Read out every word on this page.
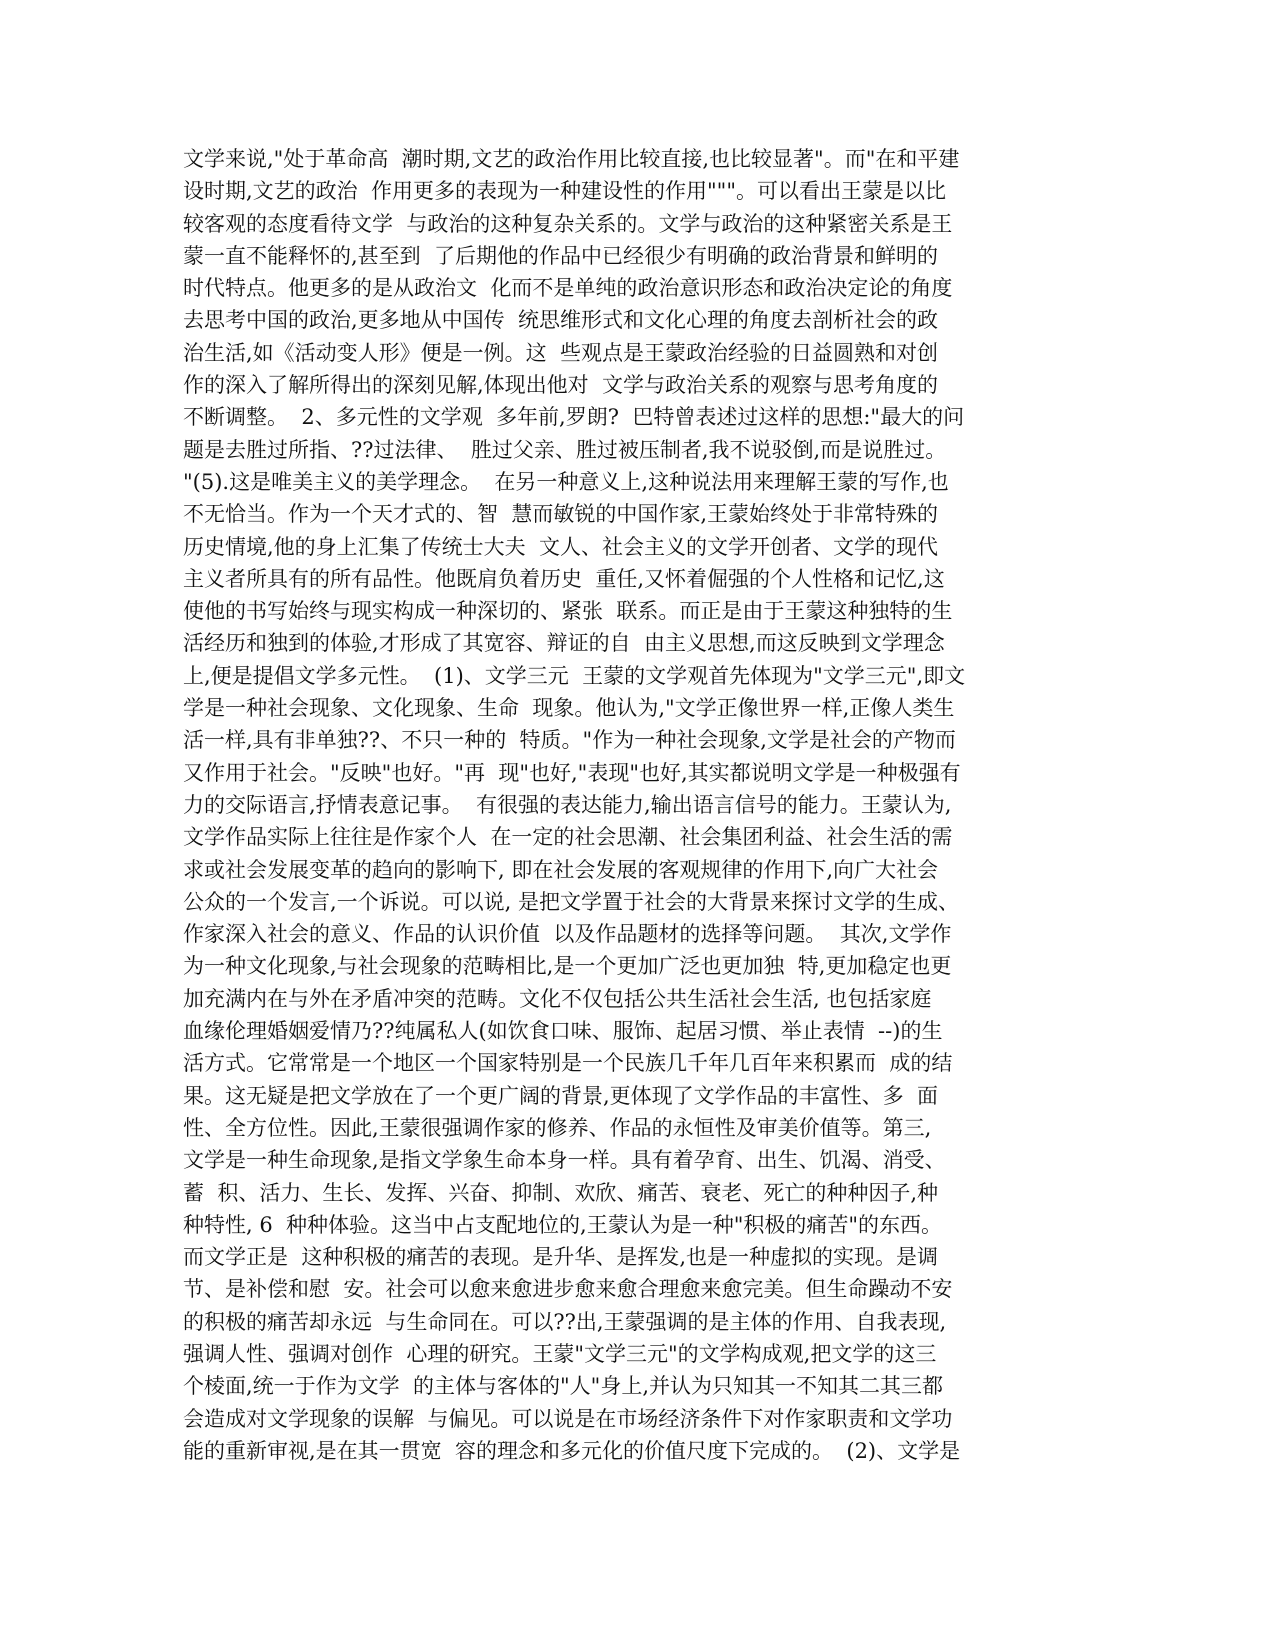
文学来说,"处于革命高  潮时期,文艺的政治作用比较直接,也比较显著"。而"在和平建
设时期,文艺的政治  作用更多的表现为一种建设性的作用"""。可以看出王蒙是以比
较客观的态度看待文学  与政治的这种复杂关系的。文学与政治的这种紧密关系是王
蒙一直不能释怀的,甚至到  了后期他的作品中已经很少有明确的政治背景和鲜明的
时代特点。他更多的是从政治文  化而不是单纯的政治意识形态和政治决定论的角度
去思考中国的政治,更多地从中国传  统思维形式和文化心理的角度去剖析社会的政
治生活,如《活动变人形》便是一例。这  些观点是王蒙政治经验的日益圆熟和对创
作的深入了解所得出的深刻见解,体现出他对  文学与政治关系的观察与思考角度的
不断调整。  2、多元性的文学观  多年前,罗朗?  巴特曾表述过这样的思想:"最大的问
题是去胜过所指、??过法律、  胜过父亲、胜过被压制者,我不说驳倒,而是说胜过。
"(5).这是唯美主义的美学理念。  在另一种意义上,这种说法用来理解王蒙的写作,也
不无恰当。作为一个天才式的、智  慧而敏锐的中国作家,王蒙始终处于非常特殊的
历史情境,他的身上汇集了传统士大夫  文人、社会主义的文学开创者、文学的现代
主义者所具有的所有品性。他既肩负着历史  重任,又怀着倔强的个人性格和记忆,这
使他的书写始终与现实构成一种深切的、紧张  联系。而正是由于王蒙这种独特的生
活经历和独到的体验,才形成了其宽容、辩证的自  由主义思想,而这反映到文学理念
上,便是提倡文学多元性。  (1)、文学三元  王蒙的文学观首先体现为"文学三元",即文
学是一种社会现象、文化现象、生命  现象。他认为,"文学正像世界一样,正像人类生
活一样,具有非单独??、不只一种的  特质。"作为一种社会现象,文学是社会的产物而
又作用于社会。"反映"也好。"再  现"也好,"表现"也好,其实都说明文学是一种极强有
力的交际语言,抒情表意记事。  有很强的表达能力,输出语言信号的能力。王蒙认为,
文学作品实际上往往是作家个人  在一定的社会思潮、社会集团利益、社会生活的需
求或社会发展变革的趋向的影响下, 即在社会发展的客观规律的作用下,向广大社会
公众的一个发言,一个诉说。可以说, 是把文学置于社会的大背景来探讨文学的生成、
作家深入社会的意义、作品的认识价值  以及作品题材的选择等问题。  其次,文学作
为一种文化现象,与社会现象的范畴相比,是一个更加广泛也更加独  特,更加稳定也更
加充满内在与外在矛盾冲突的范畴。文化不仅包括公共生活社会生活, 也包括家庭
血缘伦理婚姻爱情乃??纯属私人(如饮食口味、服饰、起居习惯、举止表情  --)的生
活方式。它常常是一个地区一个国家特别是一个民族几千年几百年来积累而  成的结
果。这无疑是把文学放在了一个更广阔的背景,更体现了文学作品的丰富性、多  面
性、全方位性。因此,王蒙很强调作家的修养、作品的永恒性及审美价值等。第三,
文学是一种生命现象,是指文学象生命本身一样。具有着孕育、出生、饥渴、消受、
蓄  积、活力、生长、发挥、兴奋、抑制、欢欣、痛苦、衰老、死亡的种种因子,种
种特性, 6  种种体验。这当中占支配地位的,王蒙认为是一种"积极的痛苦"的东西。
而文学正是  这种积极的痛苦的表现。是升华、是挥发,也是一种虚拟的实现。是调
节、是补偿和慰  安。社会可以愈来愈进步愈来愈合理愈来愈完美。但生命躁动不安
的积极的痛苦却永远  与生命同在。可以??出,王蒙强调的是主体的作用、自我表现,
强调人性、强调对创作  心理的研究。王蒙"文学三元"的文学构成观,把文学的这三
个棱面,统一于作为文学  的主体与客体的"人"身上,并认为只知其一不知其二其三都
会造成对文学现象的误解  与偏见。可以说是在市场经济条件下对作家职责和文学功
能的重新审视,是在其一贯宽  容的理念和多元化的价值尺度下完成的。  (2)、文学是
